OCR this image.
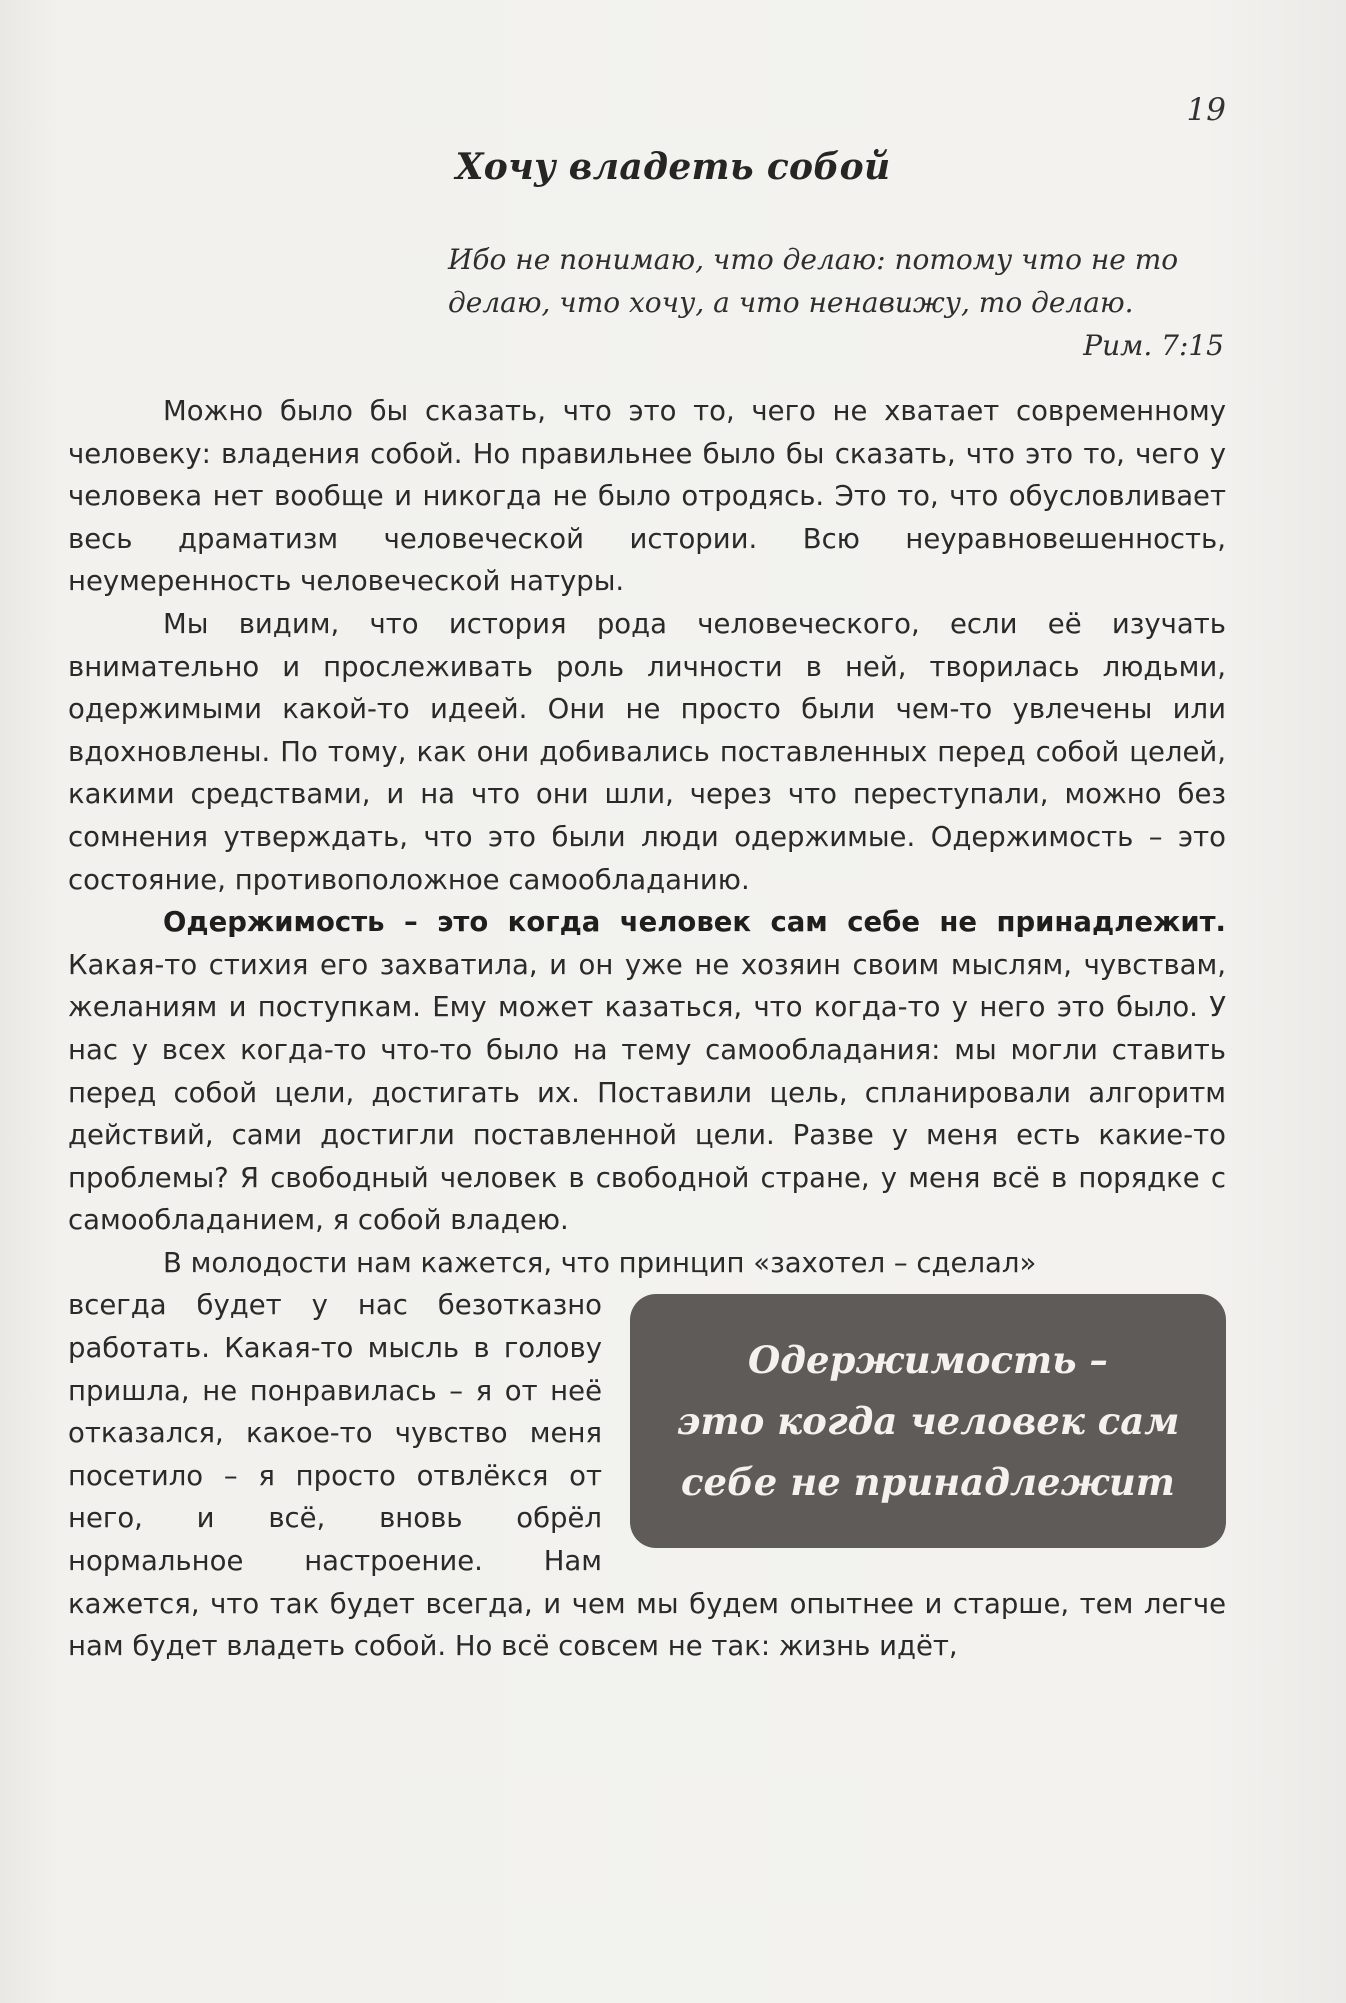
19
Хочу владеть собой
Ибо не понимаю, что делаю: потому что не то делаю, что хочу, а что ненавижу, то делаю.
Рим. 7:15

Можно было бы сказать, что это то, чего не хватает современному человеку: владения собой. Но правильнее было бы сказать, что это то, чего у человека нет вообще и никогда не было отродясь. Это то, что обусловливает весь драматизм человеческой истории. Всю неуравновешенность, неумеренность человеческой натуры.

Мы видим, что история рода человеческого, если её изучать внимательно и прослеживать роль личности в ней, творилась людьми, одержимыми какой-то идеей. Они не просто были чем-то увлечены или вдохновлены. По тому, как они добивались поставленных перед собой целей, какими средствами, и на что они шли, через что переступали, можно без сомнения утверждать, что это были люди одержимые. Одержимость – это состояние, противоположное самообладанию.

Одержимость – это когда человек сам себе не принадлежит. Какая-то стихия его захватила, и он уже не хозяин своим мыслям, чувствам, желаниям и поступкам. Ему может казаться, что когда-то у него это было. У нас у всех когда-то что-то было на тему самообладания: мы могли ставить перед собой цели, достигать их. Поставили цель, спланировали алгоритм действий, сами достигли поставленной цели. Разве у меня есть какие-то проблемы? Я свободный человек в свободной стране, у меня всё в порядке с самообладанием, я собой владею.

В молодости нам кажется, что принцип «захотел – сделал»

Одержимость –
это когда человек сам
себе не принадлежит

всегда будет у нас безотказно работать. Какая-то мысль в голову пришла, не понравилась – я от неё отказался, какое-то чувство меня посетило – я просто отвлёкся от него, и всё, вновь обрёл нормальное настроение. Нам кажется, что так будет всегда, и чем мы будем опытнее и старше, тем легче нам будет владеть собой. Но всё совсем не так: жизнь идёт,
